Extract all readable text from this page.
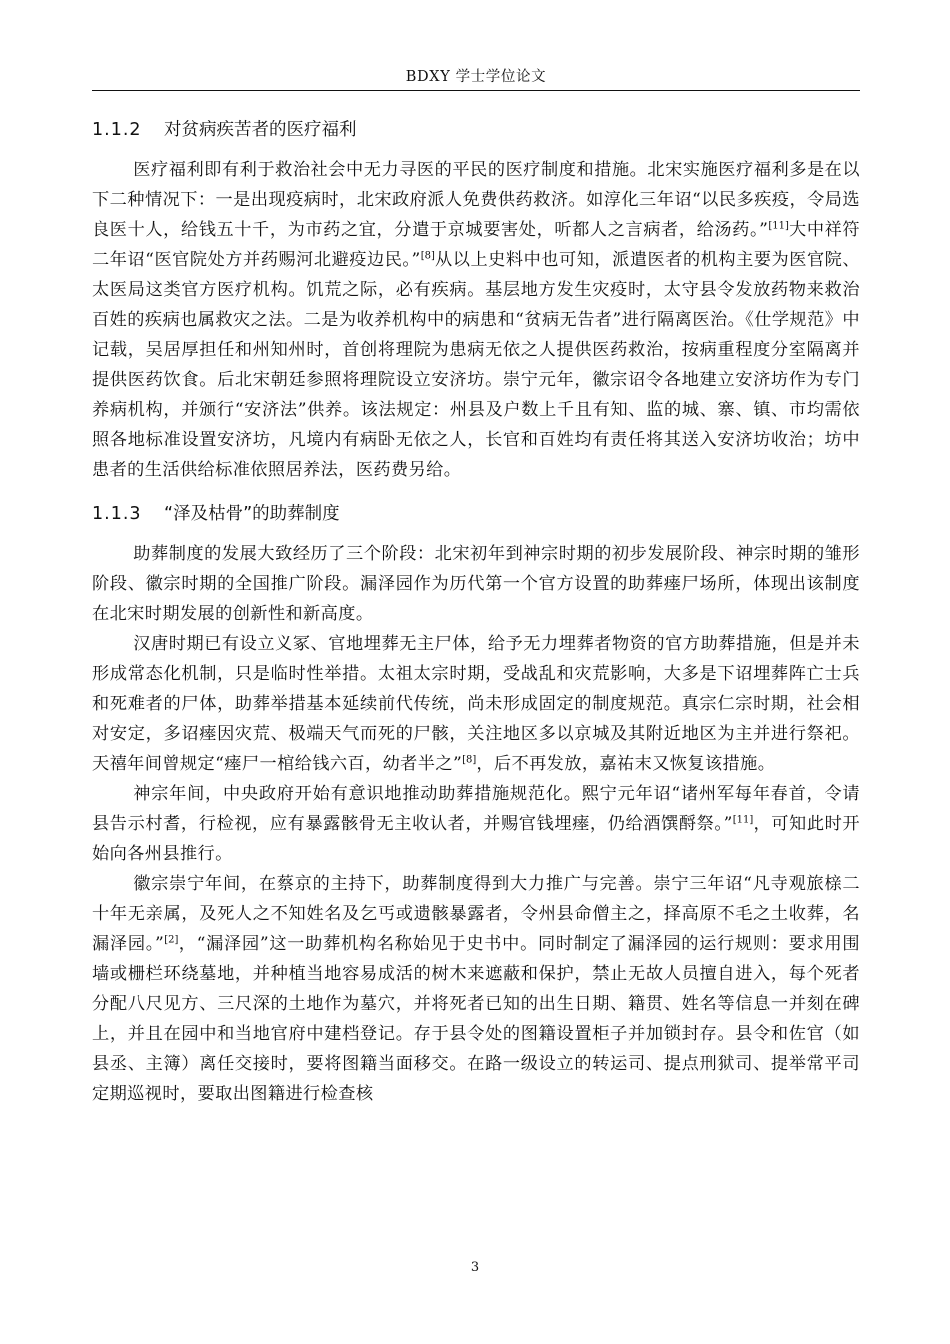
BDXY 学士学位论文
1.1.2 对贫病疾苦者的医疗福利

医疗福利即有利于救治社会中无力寻医的平民的医疗制度和措施。北宋实施医疗福利多是在以下二种情况下：一是出现疫病时，北宋政府派人免费供药救济。如淳化三年诏“以民多疾疫，令局选良医十人，给钱五十千，为市药之宜，分遣于京城要害处，听都人之言病者，给汤药。”[11]大中祥符二年诏“医官院处方并药赐河北避疫边民。”[8]从以上史料中也可知，派遣医者的机构主要为医官院、太医局这类官方医疗机构。饥荒之际，必有疾病。基层地方发生灾疫时，太守县令发放药物来救治百姓的疾病也属救灾之法。二是为收养机构中的病患和“贫病无告者”进行隔离医治。《仕学规范》中记载，吴居厚担任和州知州时，首创将理院为患病无依之人提供医药救治，按病重程度分室隔离并提供医药饮食。后北宋朝廷参照将理院设立安济坊。崇宁元年，徽宗诏令各地建立安济坊作为专门养病机构，并颁行“安济法”供养。该法规定：州县及户数上千且有知、监的城、寨、镇、市均需依照各地标准设置安济坊，凡境内有病卧无依之人，长官和百姓均有责任将其送入安济坊收治；坊中患者的生活供给标准依照居养法，医药费另给。

1.1.3 “泽及枯骨”的助葬制度

助葬制度的发展大致经历了三个阶段：北宋初年到神宗时期的初步发展阶段、神宗时期的雏形阶段、徽宗时期的全国推广阶段。漏泽园作为历代第一个官方设置的助葬瘗尸场所，体现出该制度在北宋时期发展的创新性和新高度。

汉唐时期已有设立义冢、官地埋葬无主尸体，给予无力埋葬者物资的官方助葬措施，但是并未形成常态化机制，只是临时性举措。太祖太宗时期，受战乱和灾荒影响，大多是下诏埋葬阵亡士兵和死难者的尸体，助葬举措基本延续前代传统，尚未形成固定的制度规范。真宗仁宗时期，社会相对安定，多诏瘗因灾荒、极端天气而死的尸骸，关注地区多以京城及其附近地区为主并进行祭祀。天禧年间曾规定“瘗尸一棺给钱六百，幼者半之”[8]，后不再发放，嘉祐末又恢复该措施。

神宗年间，中央政府开始有意识地推动助葬措施规范化。熙宁元年诏“诸州军每年春首，令请县告示村耆，行检视，应有暴露骸骨无主收认者，并赐官钱埋瘗，仍给酒馔酹祭。”[11]，可知此时开始向各州县推行。

徽宗崇宁年间，在蔡京的主持下，助葬制度得到大力推广与完善。崇宁三年诏“凡寺观旅榇二十年无亲属，及死人之不知姓名及乞丐或遗骸暴露者，令州县命僧主之，择高原不毛之土收葬，名漏泽园。”[2]，“漏泽园”这一助葬机构名称始见于史书中。同时制定了漏泽园的运行规则：要求用围墙或栅栏环绕墓地，并种植当地容易成活的树木来遮蔽和保护，禁止无故人员擅自进入，每个死者分配八尺见方、三尺深的土地作为墓穴，并将死者已知的出生日期、籍贯、姓名等信息一并刻在碑上，并且在园中和当地官府中建档登记。存于县令处的图籍设置柜子并加锁封存。县令和佐官（如县丞、主簿）离任交接时，要将图籍当面移交。在路一级设立的转运司、提点刑狱司、提举常平司定期巡视时，要取出图籍进行检查核

3
